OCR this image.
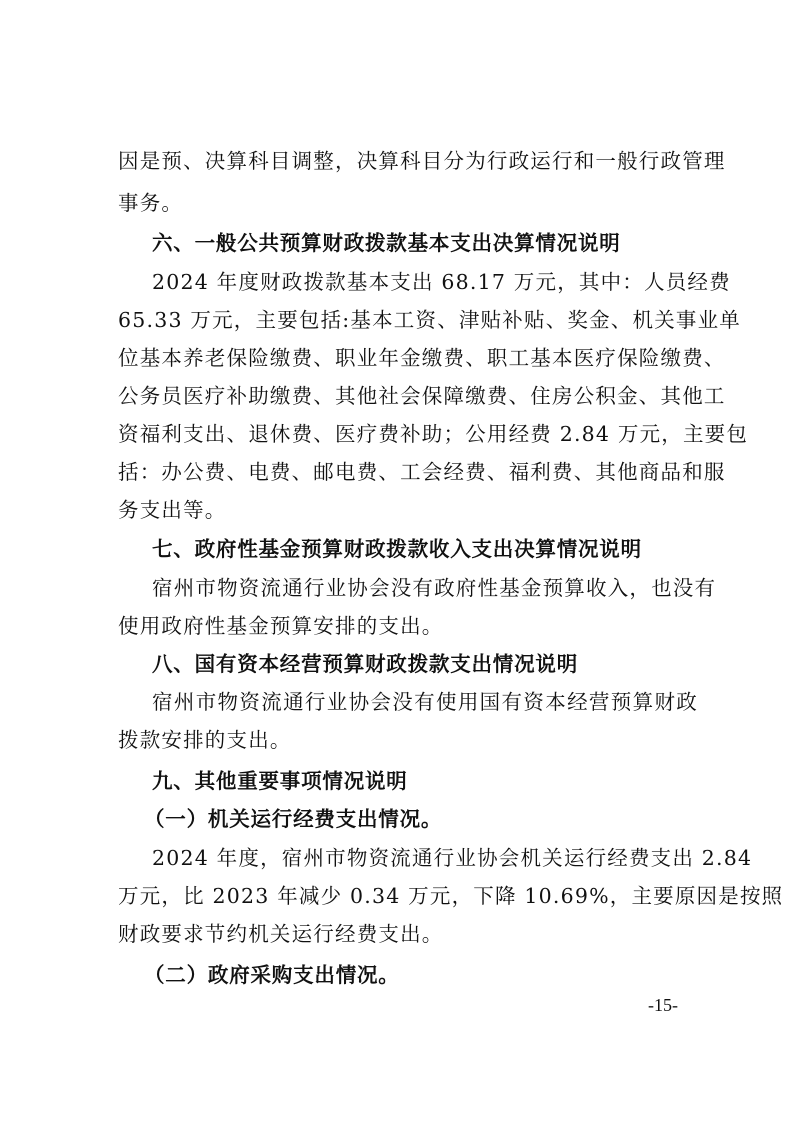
因是预、决算科目调整，决算科目分为行政运行和一般行政管理
事务。
六、一般公共预算财政拨款基本支出决算情况说明
2024 年度财政拨款基本支出 68.17 万元，其中：人员经费
65.33 万元，主要包括:基本工资、津贴补贴、奖金、机关事业单
位基本养老保险缴费、职业年金缴费、职工基本医疗保险缴费、
公务员医疗补助缴费、其他社会保障缴费、住房公积金、其他工
资福利支出、退休费、医疗费补助；公用经费 2.84 万元，主要包
括：办公费、电费、邮电费、工会经费、福利费、其他商品和服
务支出等。
七、政府性基金预算财政拨款收入支出决算情况说明
宿州市物资流通行业协会没有政府性基金预算收入，也没有
使用政府性基金预算安排的支出。
八、国有资本经营预算财政拨款支出情况说明
宿州市物资流通行业协会没有使用国有资本经营预算财政
拨款安排的支出。
九、其他重要事项情况说明
（一）机关运行经费支出情况。
2024 年度，宿州市物资流通行业协会机关运行经费支出 2.84
万元，比 2023 年减少 0.34 万元，下降 10.69%，主要原因是按照
财政要求节约机关运行经费支出。
（二）政府采购支出情况。
-15-
